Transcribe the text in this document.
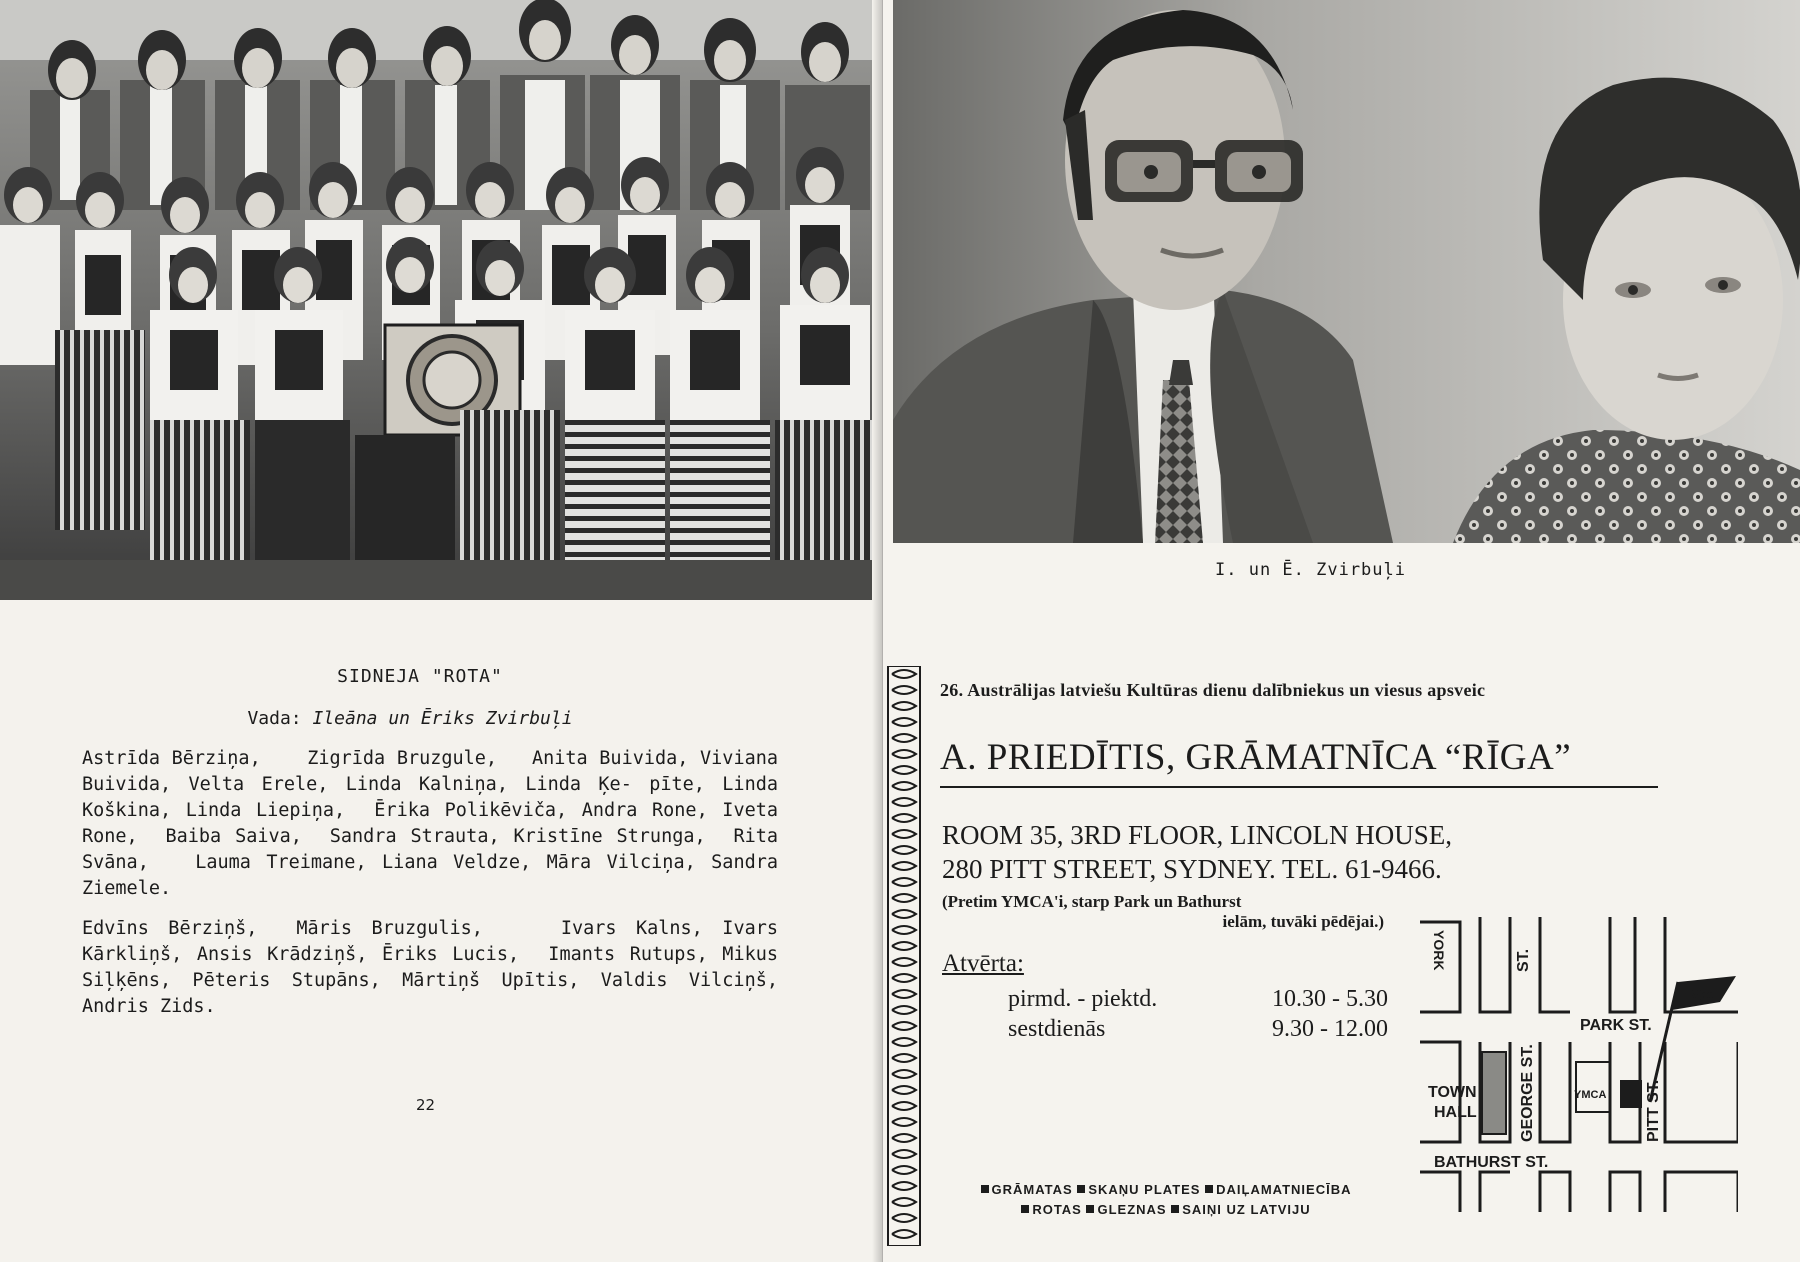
SIDNEJA "ROTA"
Vada: Ileāna un Ēriks Zvirbuļi
Astrīda Bērziņa,    Zigrīda Bruzgule,   Anita Buivida, Viviana Buivida, Velta Erele, Linda Kalniņa, Linda Ķe- pīte, Linda Koškina, Linda Liepiņa,  Ērika Polikēviča, Andra Rone, Iveta Rone,  Baiba Saiva,  Sandra Strauta, Kristīne Strunga,  Rita Svāna,   Lauma Treimane, Liana Veldze, Māra Vilciņa, Sandra Ziemele.
Edvīns Bērziņš,  Māris Bruzgulis,    Ivars Kalns, Ivars Kārkliņš, Ansis Krādziņš, Ēriks Lucis,  Imants Rutups, Mikus Siļķēns, Pēteris Stupāns, Mārtiņš Upītis, Valdis Vilciņš, Andris Zids.
22
I. un Ē. Zvirbuļi
26. Austrālijas latviešu Kultūras dienu dalībniekus un viesus apsveic
A. PRIEDĪTIS, GRĀMATNĪCA “RĪGA”
ROOM 35, 3RD FLOOR, LINCOLN HOUSE,
280 PITT STREET, SYDNEY. TEL. 61-9466.
(Pretim YMCA'i, starp Park un Bathurst
ielām, tuvāki pēdējai.)
Atvērta:
pirmd. - piektd.	10.30 - 5.30
sestdienās	9.30 - 12.00
Rīga
YORK	ST.
GEORGE ST.
PARK ST.
TOWN
HALL
YMCA PITT ST.
BATHURST ST.
GRĀMATAS SKAŅU PLATES DAIĻAMATNIECĪBA
ROTAS GLEZNAS SAIŅI UZ LATVIJU
